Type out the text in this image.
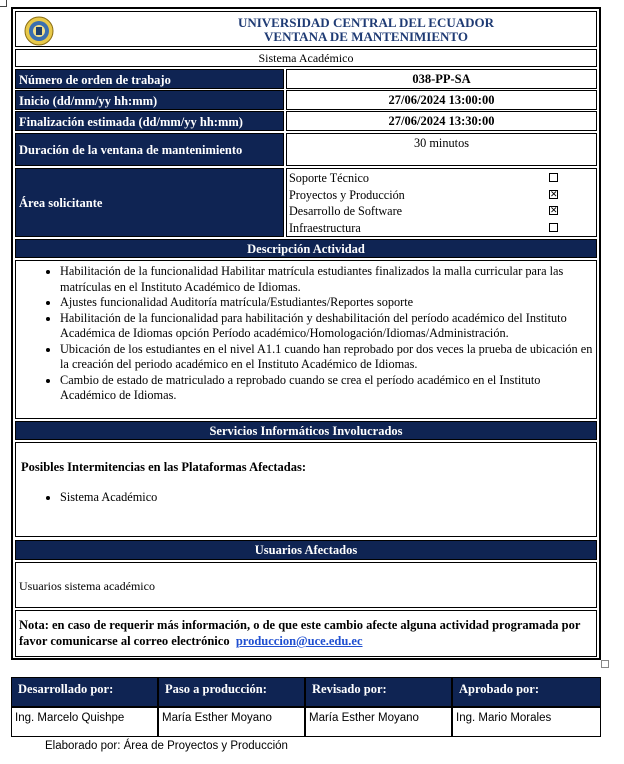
UNIVERSIDAD CENTRAL DEL ECUADOR
VENTANA DE MANTENIMIENTO
Sistema Académico
Número de orden de trabajo	038-PP-SA
Inicio (dd/mm/yy hh:mm)	27/06/2024 13:00:00
Finalización estimada (dd/mm/yy hh:mm)	27/06/2024 13:30:00
Duración de la ventana de mantenimiento	30 minutos
Área solicitante
Soporte Técnico
Proyectos y Producción	✕
Desarrollo de Software	✕
Infraestructura
Descripción Actividad
• Habilitación de la funcionalidad Habilitar matrícula estudiantes finalizados la malla curricular para las matrículas en el Instituto Académico de Idiomas.
• Ajustes funcionalidad Auditoría matrícula/Estudiantes/Reportes soporte
• Habilitación de la funcionalidad para habilitación y deshabilitación del período académico del Instituto Académica de Idiomas opción Período académico/Homologación/Idiomas/Administración.
• Ubicación de los estudiantes en el nivel A1.1 cuando han reprobado por dos veces la prueba de ubicación en la creación del periodo académico en el Instituto Académico de Idiomas.
• Cambio de estado de matriculado a reprobado cuando se crea el período académico en el Instituto Académico de Idiomas.
Servicios Informáticos Involucrados
Posibles Intermitencias en las Plataformas Afectadas:
• Sistema Académico
Usuarios Afectados
Usuarios sistema académico
Nota: en caso de requerir más información, o de que este cambio afecte alguna actividad programada por favor comunicarse al correo electrónico produccion@uce.edu.ec
Desarrollado por:	Paso a producción:	Revisado por:	Aprobado por:
Ing. Marcelo Quishpe	María Esther Moyano	María Esther Moyano	Ing. Mario Morales
Elaborado por: Área de Proyectos y Producción
